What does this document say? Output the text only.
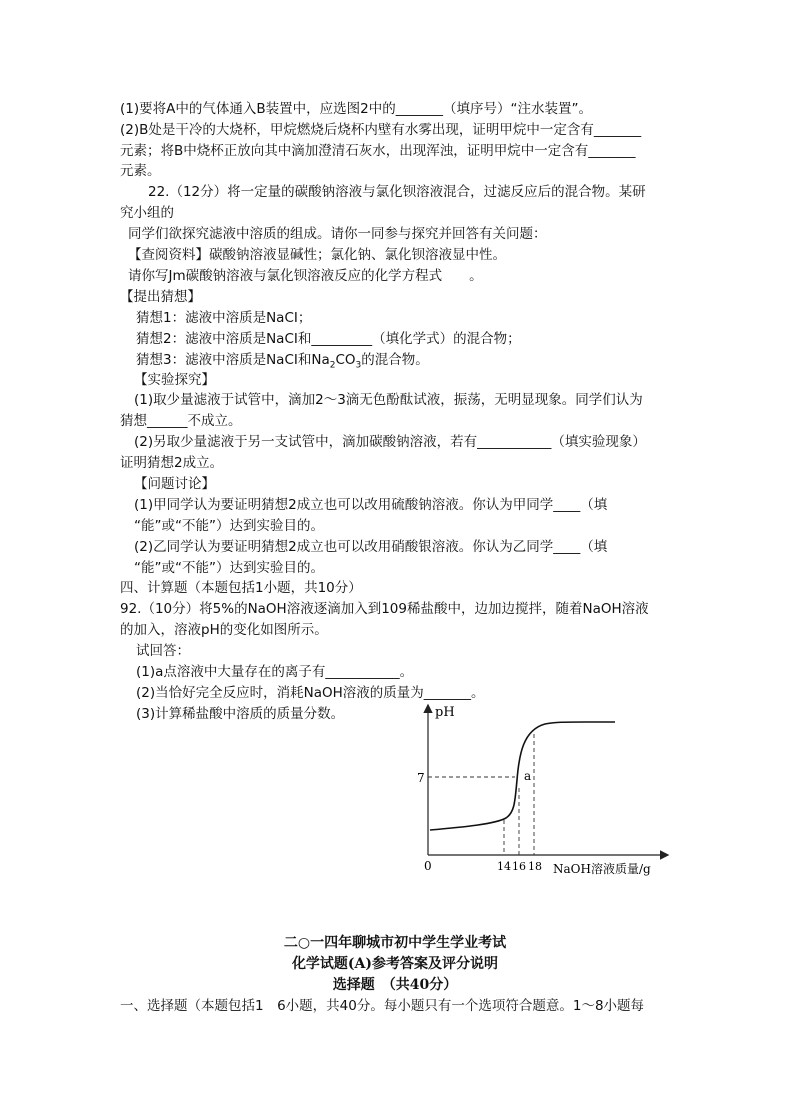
(1)要将A中的气体通入B装置中，应选图2中的_______（填序号）“注水装置”。
(2)B处是干冷的大烧杯，甲烷燃烧后烧杯内壁有水雾出现，证明甲烷中一定含有_______
元素；将B中烧杯正放向其中滴加澄清石灰水，出现浑浊，证明甲烷中一定含有_______
元素。
22.（12分）将一定量的碳酸钠溶液与氯化钡溶液混合，过滤反应后的混合物。某研
究小组的
同学们欲探究滤液中溶质的组成。请你一同参与探究并回答有关问题：
【查阅资料】碳酸钠溶液显碱性；氯化钠、氯化钡溶液显中性。
请你写Jm碳酸钠溶液与氯化钡溶液反应的化学方程式　　。
【提出猜想】
猜想1：滤液中溶质是NaCI；
猜想2：滤液中溶质是NaCI和_________（填化学式）的混合物；
猜想3：滤液中溶质是NaCI和$Na_2CO_3$的混合物。
【实验探究】
(1)取少量滤液于试管中，滴加2～3滴无色酚酞试液，振荡，无明显现象。同学们认为
猜想______不成立。
(2)另取少量滤液于另一支试管中，滴加碳酸钠溶液，若有___________（填实验现象）
证明猜想2成立。
【问题讨论】
(1)甲同学认为要证明猜想2成立也可以改用硫酸钠溶液。你认为甲同学____（填
“能”或“不能”）达到实验目的。
(2)乙同学认为要证明猜想2成立也可以改用硝酸银溶液。你认为乙同学____（填
“能”或“不能”）达到实验目的。
四、计算题（本题包括1小题，共10分）
92.（10分）将5%的NaOH溶液逐滴加入到109稀盐酸中，边加边搅拌，随着NaOH溶液
的加入，溶液pH的变化如图所示。
试回答：
(1)a点溶液中大量存在的离子有___________。
(2)当恰好完全反应时，消耗NaOH溶液的质量为_______。
(3)计算稀盐酸中溶质的质量分数。	pH
7
0	14 16 18 NaOH溶液质量/g
a
二○一四年聊城市初中学生学业考试
化学试题(A)参考答案及评分说明
选择题　（共40分）
一、选择题（本题包括1　6小题，共40分。每小题只有一个选项符合题意。1～8小题每
